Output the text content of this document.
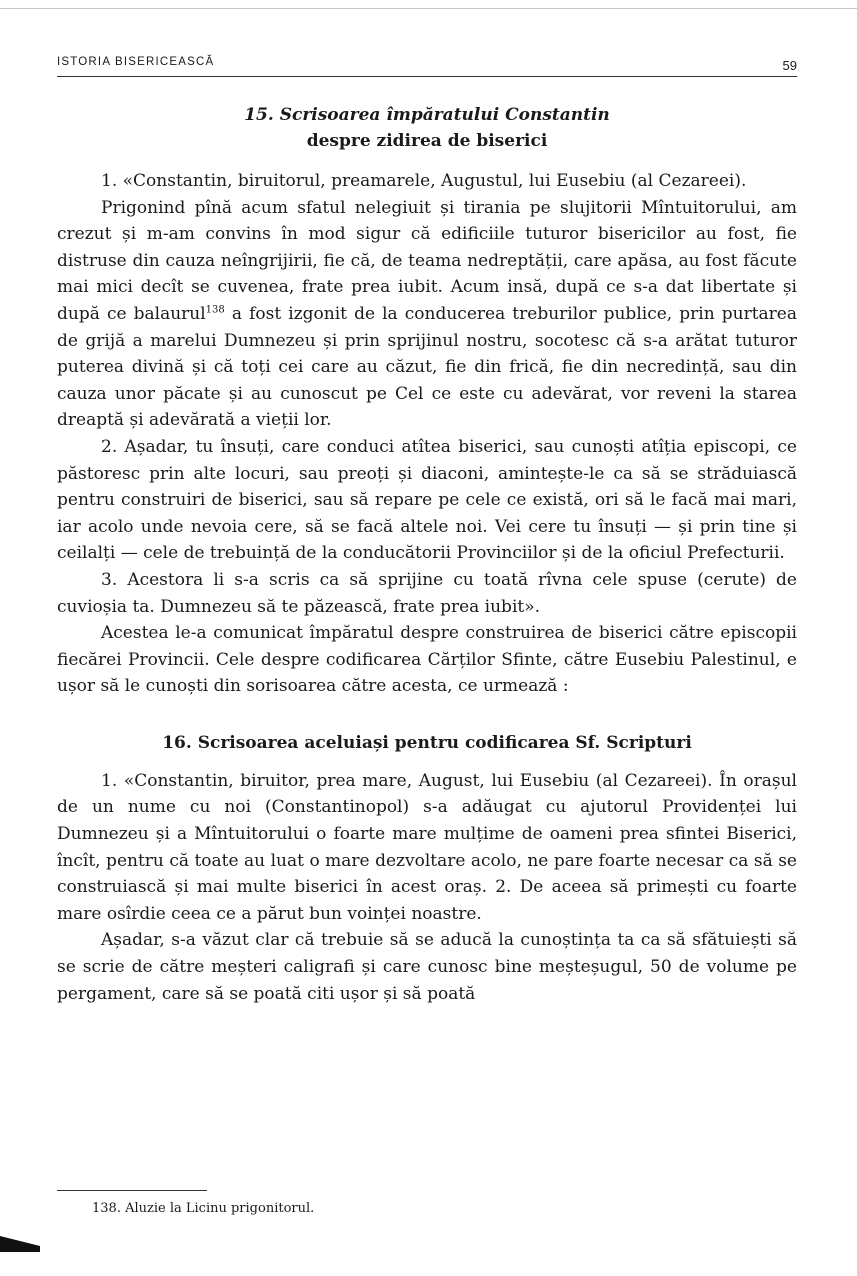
ISTORIA BISERICEASCĂ	59
15. Scrisoarea împăratului Constantin
despre zidirea de biserici

1. «Constantin, biruitorul, preamarele, Augustul, lui Eusebiu (al Cezareei).

Prigonind pînă acum sfatul nelegiuit și tirania pe slujitorii Mîntuitorului, am crezut și m-am convins în mod sigur că edificiile tuturor bisericilor au fost, fie distruse din cauza neîngrijirii, fie că, de teama nedreptății, care apăsa, au fost făcute mai mici decît se cuvenea, frate prea iubit. Acum insă, după ce s-a dat libertate și după ce balaurul$^{138}$ a fost izgonit de la conducerea treburilor publice, prin purtarea de grijă a marelui Dumnezeu și prin sprijinul nostru, socotesc că s-a arătat tuturor puterea divină și că toți cei care au căzut, fie din frică, fie din necredință, sau din cauza unor păcate și au cunoscut pe Cel ce este cu adevărat, vor reveni la starea dreaptă și adevărată a vieții lor.

2. Așadar, tu însuți, care conduci atîtea biserici, sau cunoști atîția episcopi, ce păstoresc prin alte locuri, sau preoți și diaconi, amintește-le ca să se străduiască pentru construiri de biserici, sau să repare pe cele ce există, ori să le facă mai mari, iar acolo unde nevoia cere, să se facă altele noi. Vei cere tu însuți — și prin tine și ceilalți — cele de trebuință de la conducătorii Provinciilor și de la oficiul Prefecturii.

3. Acestora li s-a scris ca să sprijine cu toată rîvna cele spuse (cerute) de cuvioșia ta. Dumnezeu să te păzească, frate prea iubit».

Acestea le-a comunicat împăratul despre construirea de biserici către episcopii fiecărei Provincii. Cele despre codificarea Cărților Sfinte, către Eusebiu Palestinul, e ușor să le cunoști din sorisoarea către acesta, ce urmează :

16. Scrisoarea aceluiași pentru codificarea Sf. Scripturi

1. «Constantin, biruitor, prea mare, August, lui Eusebiu (al Cezareei). În orașul de un nume cu noi (Constantinopol) s-a adăugat cu ajutorul Providenței lui Dumnezeu și a Mîntuitorului o foarte mare mulțime de oameni prea sfintei Biserici, încît, pentru că toate au luat o mare dezvoltare acolo, ne pare foarte necesar ca să se construiască și mai multe biserici în acest oraș. 2. De aceea să primești cu foarte mare osîrdie ceea ce a părut bun voinței noastre.

Așadar, s-a văzut clar că trebuie să se aducă la cunoștința ta ca să sfătuiești să se scrie de către meșteri caligrafi și care cunosc bine meșteșugul, 50 de volume pe pergament, care să se poată citi ușor și să poată

138. Aluzie la Licinu prigonitorul.
